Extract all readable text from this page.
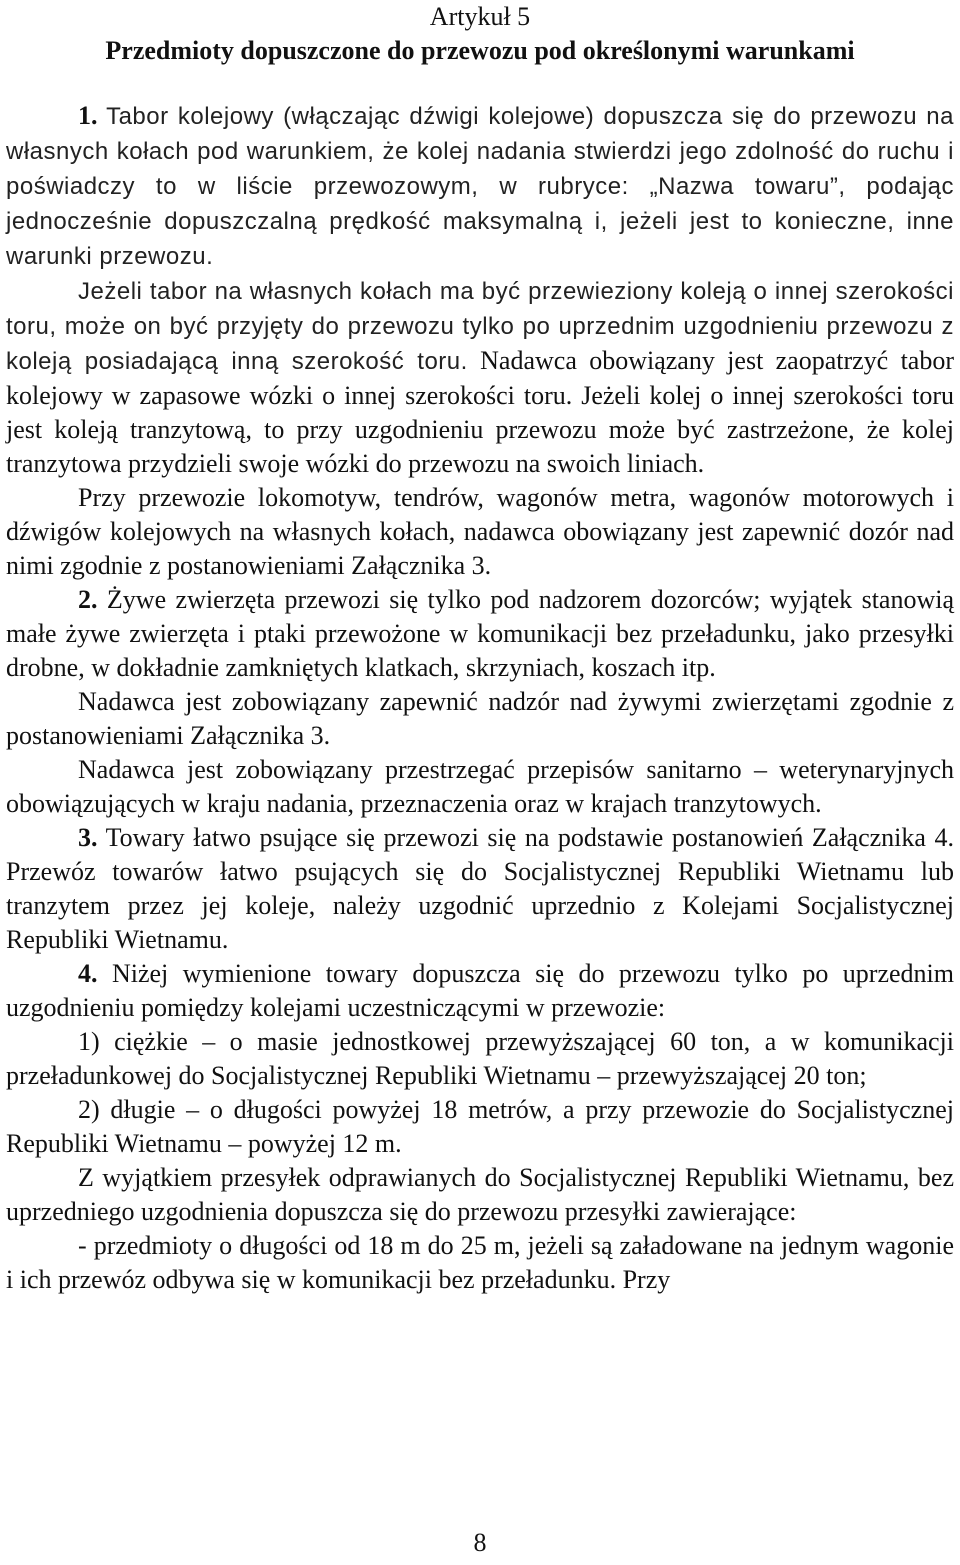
Artykuł 5
Przedmioty dopuszczone do przewozu pod określonymi warunkami

1. Tabor kolejowy (włączając dźwigi kolejowe) dopuszcza się do przewozu na własnych kołach pod warunkiem, że kolej nadania stwierdzi jego zdolność do ruchu i poświadczy to w liście przewozowym, w rubryce: „Nazwa towaru”, podając jednocześnie dopuszczalną prędkość maksymalną i, jeżeli jest to konieczne, inne warunki przewozu.

Jeżeli tabor na własnych kołach ma być przewieziony koleją o innej szerokości toru, może on być przyjęty do przewozu tylko po uprzednim uzgodnieniu przewozu z koleją posiadającą inną szerokość toru. Nadawca obowiązany jest zaopatrzyć tabor kolejowy w zapasowe wózki o innej szerokości toru. Jeżeli kolej o innej szerokości toru jest koleją tranzytową, to przy uzgodnieniu przewozu może być zastrzeżone, że kolej tranzytowa przydzieli swoje wózki do przewozu na swoich liniach.

Przy przewozie lokomotyw, tendrów, wagonów metra, wagonów motorowych i dźwigów kolejowych na własnych kołach, nadawca obowiązany jest zapewnić dozór nad nimi zgodnie z postanowieniami Załącznika 3.

2. Żywe zwierzęta przewozi się tylko pod nadzorem dozorców; wyjątek stanowią małe żywe zwierzęta i ptaki przewożone w komunikacji bez przeładunku, jako przesyłki drobne, w dokładnie zamkniętych klatkach, skrzyniach, koszach itp.

Nadawca jest zobowiązany zapewnić nadzór nad żywymi zwierzętami zgodnie z postanowieniami Załącznika 3.

Nadawca jest zobowiązany przestrzegać przepisów sanitarno – weterynaryjnych obowiązujących w kraju nadania, przeznaczenia oraz w krajach tranzytowych.

3. Towary łatwo psujące się przewozi się na podstawie postanowień Załącznika 4. Przewóz towarów łatwo psujących się do Socjalistycznej Republiki Wietnamu lub tranzytem przez jej koleje, należy uzgodnić uprzednio z Kolejami Socjalistycznej Republiki Wietnamu.

4. Niżej wymienione towary dopuszcza się do przewozu tylko po uprzednim uzgodnieniu pomiędzy kolejami uczestniczącymi w przewozie:

1) ciężkie – o masie jednostkowej przewyższającej 60 ton, a w komunikacji przeładunkowej do Socjalistycznej Republiki Wietnamu – przewyższającej 20 ton;

2) długie – o długości powyżej 18 metrów, a przy przewozie do Socjalistycznej Republiki Wietnamu – powyżej 12 m.

Z wyjątkiem przesyłek odprawianych do Socjalistycznej Republiki Wietnamu, bez uprzedniego uzgodnienia dopuszcza się do przewozu przesyłki zawierające:

- przedmioty o długości od 18 m do 25 m, jeżeli są załadowane na jednym wagonie i ich przewóz odbywa się w komunikacji bez przeładunku. Przy

8
